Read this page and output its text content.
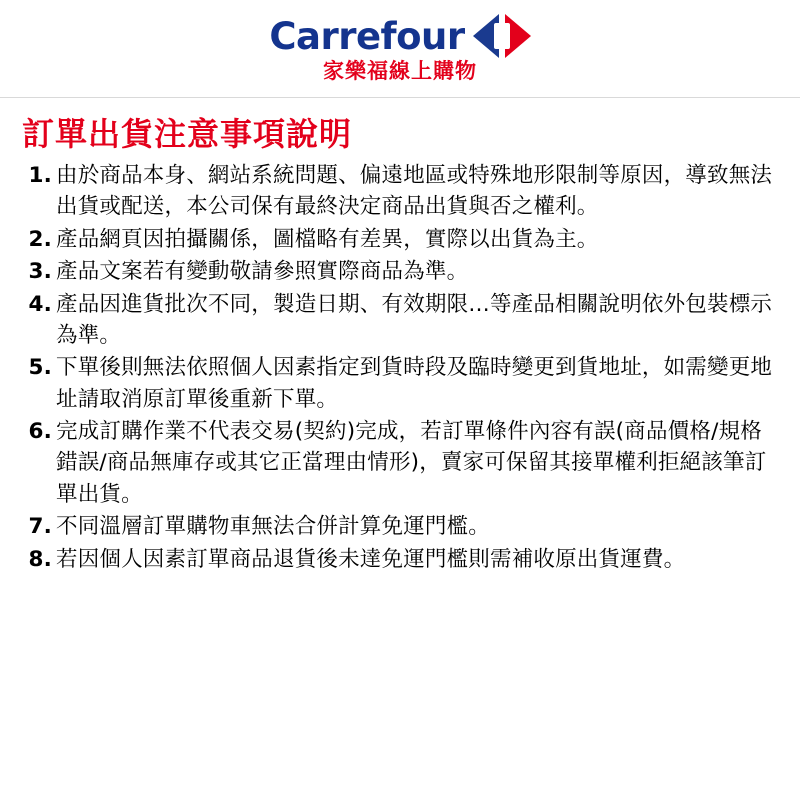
Carrefour
家樂福線上購物
訂單出貨注意事項說明
由於商品本身、網站系統問題、偏遠地區或特殊地形限制等原因，導致無法出貨或配送，本公司保有最終決定商品出貨與否之權利。
產品網頁因拍攝關係，圖檔略有差異，實際以出貨為主。
產品文案若有變動敬請參照實際商品為準。
產品因進貨批次不同，製造日期、有效期限…等產品相關說明依外包裝標示為準。
下單後則無法依照個人因素指定到貨時段及臨時變更到貨地址，如需變更地址請取消原訂單後重新下單。
完成訂購作業不代表交易(契約)完成，若訂單條件內容有誤(商品價格/規格錯誤/商品無庫存或其它正當理由情形)，賣家可保留其接單權利拒絕該筆訂單出貨。
不同溫層訂單購物車無法合併計算免運門檻。
若因個人因素訂單商品退貨後未達免運門檻則需補收原出貨運費。
